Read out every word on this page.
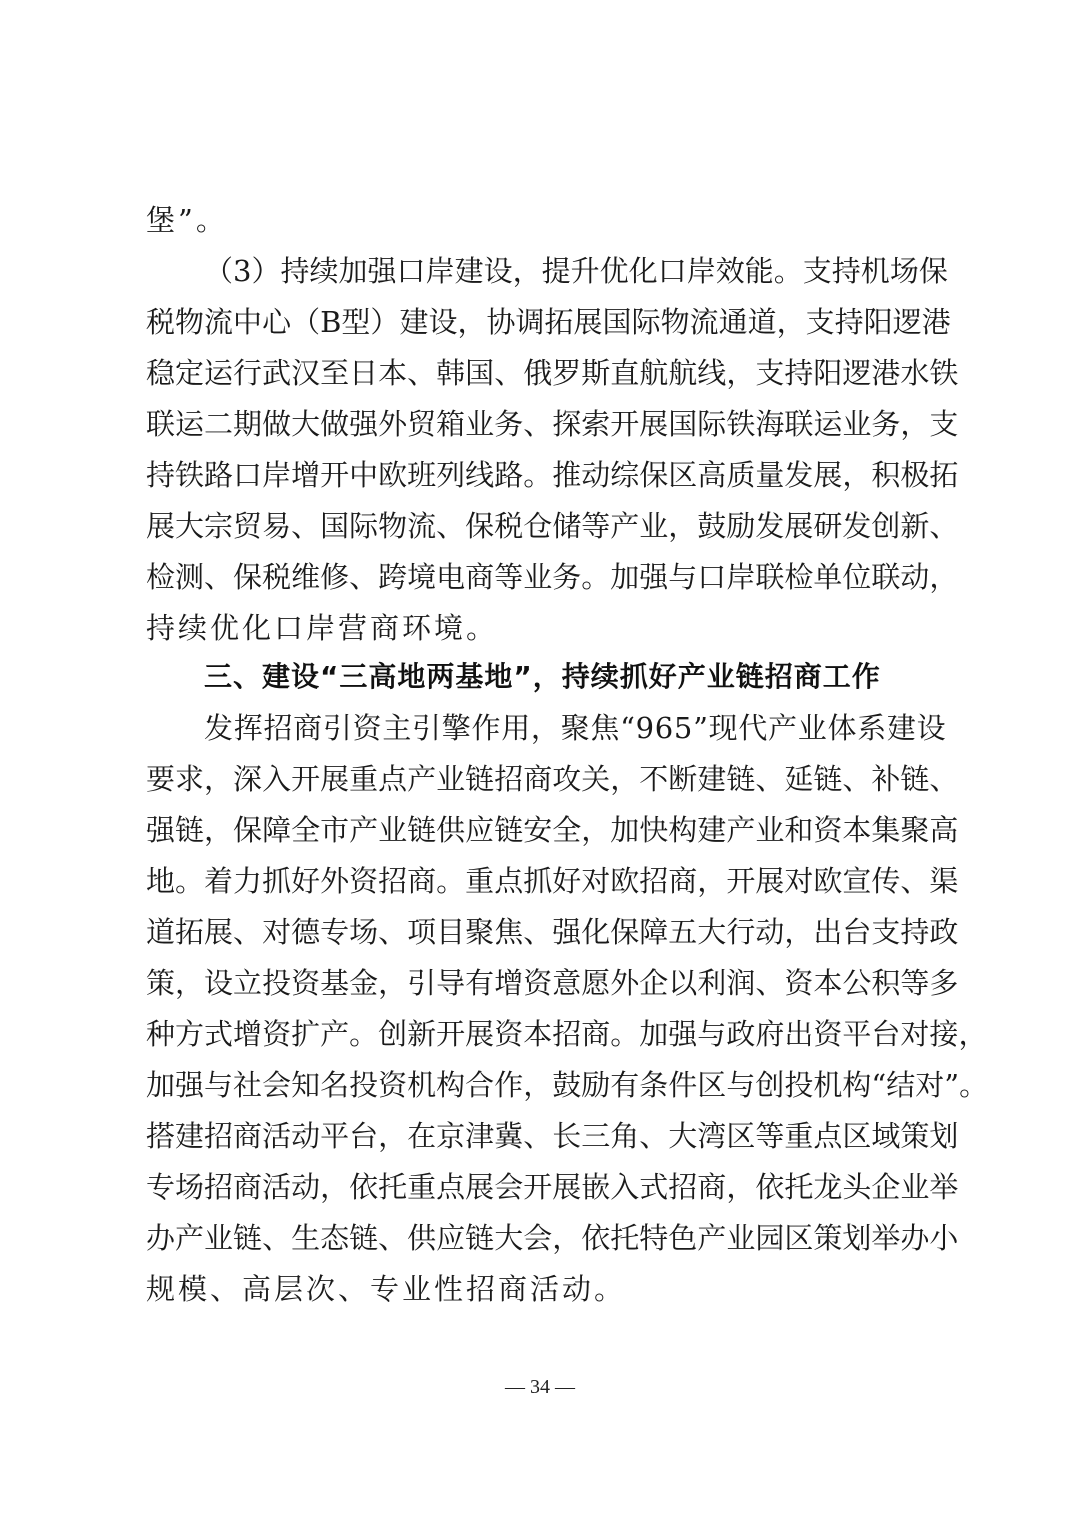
堡”。
（ 3 ） 持 续 加 强 口 岸 建 设 ， 提 升 优 化 口 岸 效 能 。 支 持 机 场 保
税 物 流 中 心 （ B 型 ） 建 设 ， 协 调 拓 展 国 际 物 流 通 道 ， 支 持 阳 逻 港
稳 定 运 行 武 汉 至 日 本 、 韩 国 、 俄 罗 斯 直 航 航 线 ， 支 持 阳 逻 港 水 铁
联 运 二 期 做 大 做 强 外 贸 箱 业 务 、 探 索 开 展 国 际 铁 海 联 运 业 务 ， 支
持 铁 路 口 岸 增 开 中 欧 班 列 线 路 。 推 动 综 保 区 高 质 量 发 展 ， 积 极 拓
展 大 宗 贸 易 、 国 际 物 流 、 保 税 仓 储 等 产 业 ， 鼓 励 发 展 研 发 创 新 、
检 测 、 保 税 维 修 、 跨 境 电 商 等 业 务 。 加 强 与 口 岸 联 检 单 位 联 动 ，
持续优化口岸营商环境。
三、建设“三高地两基地”，持续抓好产业链招商工作
发 挥 招 商 引 资 主 引 擎 作 用 ， 聚 焦 “ 9 6 5 ” 现 代 产 业 体 系 建 设
要 求 ， 深 入 开 展 重 点 产 业 链 招 商 攻 关 ， 不 断 建 链 、 延 链 、 补 链 、
强 链 ， 保 障 全 市 产 业 链 供 应 链 安 全 ， 加 快 构 建 产 业 和 资 本 集 聚 高
地 。 着 力 抓 好 外 资 招 商 。 重 点 抓 好 对 欧 招 商 ， 开 展 对 欧 宣 传 、 渠
道 拓 展 、 对 德 专 场 、 项 目 聚 焦 、 强 化 保 障 五 大 行 动 ， 出 台 支 持 政
策 ， 设 立 投 资 基 金 ， 引 导 有 增 资 意 愿 外 企 以 利 润 、 资 本 公 积 等 多
种 方 式 增 资 扩 产 。 创 新 开 展 资 本 招 商 。 加 强 与 政 府 出 资 平 台 对 接 ，
加 强 与 社 会 知 名 投 资 机 构 合 作 ， 鼓 励 有 条 件 区 与 创 投 机 构 “ 结 对 ” 。
搭 建 招 商 活 动 平 台 ， 在 京 津 冀 、 长 三 角 、 大 湾 区 等 重 点 区 域 策 划
专 场 招 商 活 动 ， 依 托 重 点 展 会 开 展 嵌 入 式 招 商 ， 依 托 龙 头 企 业 举
办 产 业 链 、 生 态 链 、 供 应 链 大 会 ， 依 托 特 色 产 业 园 区 策 划 举 办 小
规模、高层次、专业性招商活动。
— 34 —
